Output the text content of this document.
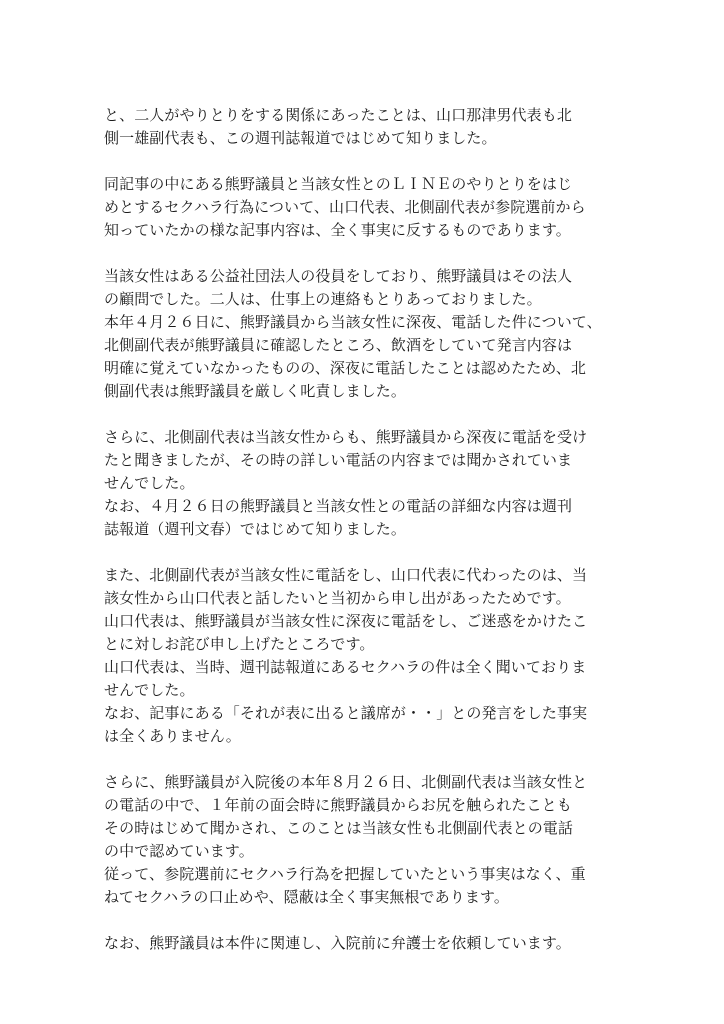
と、二人がやりとりをする関係にあったことは、山口那津男代表も北
側一雄副代表も、この週刊誌報道ではじめて知りました。
同記事の中にある熊野議員と当該女性とのＬＩＮＥのやりとりをはじ
めとするセクハラ行為について、山口代表、北側副代表が参院選前から
知っていたかの様な記事内容は、全く事実に反するものであります。
当該女性はある公益社団法人の役員をしており、熊野議員はその法人
の顧問でした。二人は、仕事上の連絡もとりあっておりました。
本年４月２６日に、熊野議員から当該女性に深夜、電話した件について、
北側副代表が熊野議員に確認したところ、飲酒をしていて発言内容は
明確に覚えていなかったものの、深夜に電話したことは認めたため、北
側副代表は熊野議員を厳しく叱責しました。
さらに、北側副代表は当該女性からも、熊野議員から深夜に電話を受け
たと聞きましたが、その時の詳しい電話の内容までは聞かされていま
せんでした。
なお、４月２６日の熊野議員と当該女性との電話の詳細な内容は週刊
誌報道（週刊文春）ではじめて知りました。
また、北側副代表が当該女性に電話をし、山口代表に代わったのは、当
該女性から山口代表と話したいと当初から申し出があったためです。
山口代表は、熊野議員が当該女性に深夜に電話をし、ご迷惑をかけたこ
とに対しお詫び申し上げたところです。
山口代表は、当時、週刊誌報道にあるセクハラの件は全く聞いておりま
せんでした。
なお、記事にある「それが表に出ると議席が・・」との発言をした事実
は全くありません。
さらに、熊野議員が入院後の本年８月２６日、北側副代表は当該女性と
の電話の中で、１年前の面会時に熊野議員からお尻を触られたことも
その時はじめて聞かされ、このことは当該女性も北側副代表との電話
の中で認めています。
従って、参院選前にセクハラ行為を把握していたという事実はなく、重
ねてセクハラの口止めや、隠蔽は全く事実無根であります。
なお、熊野議員は本件に関連し、入院前に弁護士を依頼しています。
